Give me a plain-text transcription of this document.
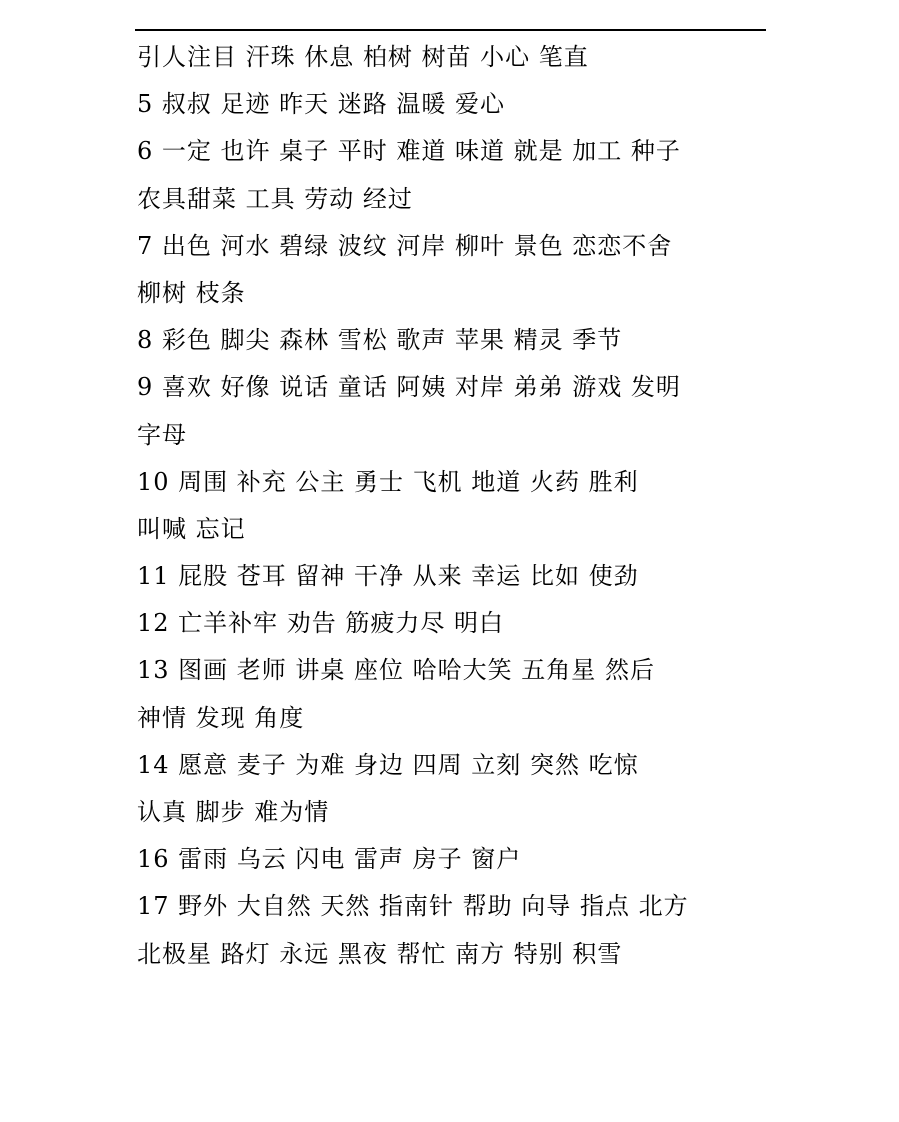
引人注目 汗珠 休息 柏树 树苗 小心 笔直
5 叔叔 足迹 昨天 迷路 温暖 爱心
6 一定 也许 桌子 平时 难道 味道 就是 加工 种子
农具甜菜 工具 劳动 经过
7 出色 河水 碧绿 波纹 河岸 柳叶 景色 恋恋不舍
柳树 枝条
8 彩色 脚尖 森林 雪松 歌声 苹果 精灵 季节
9 喜欢 好像 说话 童话 阿姨 对岸 弟弟 游戏 发明
字母
10 周围 补充 公主 勇士 飞机 地道 火药 胜利
叫喊 忘记
11 屁股 苍耳 留神 干净 从来 幸运 比如 使劲
12 亡羊补牢 劝告 筋疲力尽 明白
13 图画 老师 讲桌 座位 哈哈大笑 五角星 然后
神情 发现 角度
14 愿意 麦子 为难 身边 四周 立刻 突然 吃惊
认真 脚步 难为情
16 雷雨 乌云 闪电 雷声 房子 窗户
17 野外 大自然 天然 指南针 帮助 向导 指点 北方
北极星 路灯 永远 黑夜 帮忙 南方 特别 积雪
